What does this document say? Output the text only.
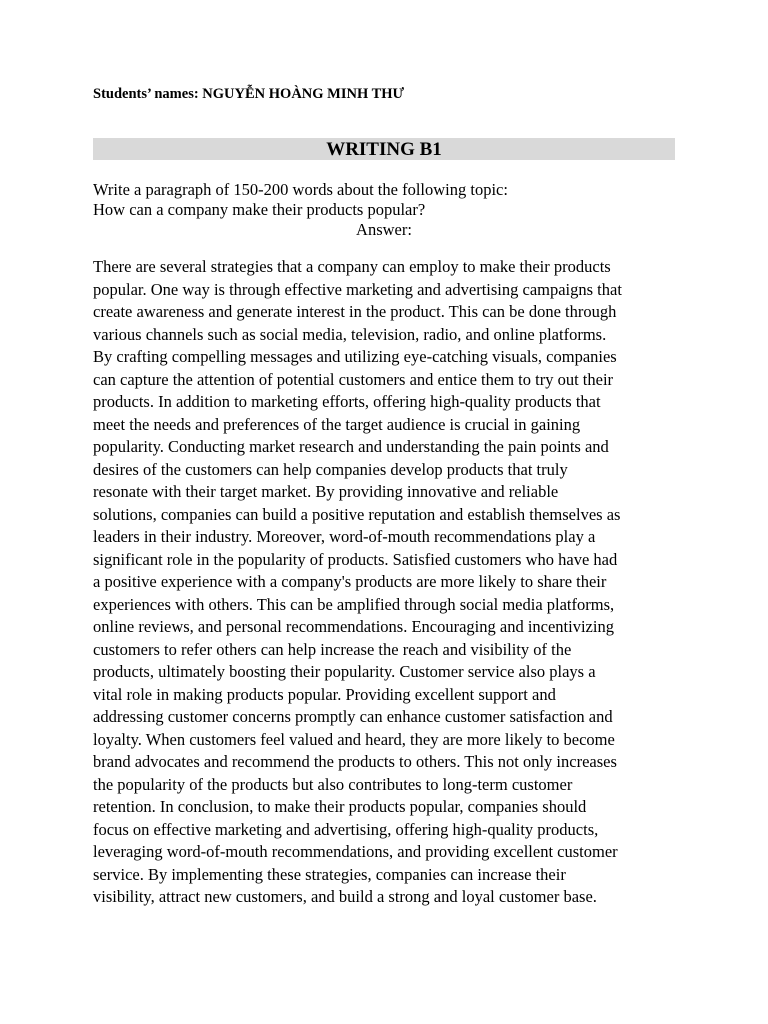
Students’ names: NGUYỄN HOÀNG MINH THƯ
WRITING B1
Write a paragraph of 150-200 words about the following topic:
How can a company make their products popular?
Answer:
There are several strategies that a company can employ to make their products
popular. One way is through effective marketing and advertising campaigns that
create awareness and generate interest in the product. This can be done through
various channels such as social media, television, radio, and online platforms.
By crafting compelling messages and utilizing eye-catching visuals, companies
can capture the attention of potential customers and entice them to try out their
products. In addition to marketing efforts, offering high-quality products that
meet the needs and preferences of the target audience is crucial in gaining
popularity. Conducting market research and understanding the pain points and
desires of the customers can help companies develop products that truly
resonate with their target market. By providing innovative and reliable
solutions, companies can build a positive reputation and establish themselves as
leaders in their industry. Moreover, word-of-mouth recommendations play a
significant role in the popularity of products. Satisfied customers who have had
a positive experience with a company's products are more likely to share their
experiences with others. This can be amplified through social media platforms,
online reviews, and personal recommendations. Encouraging and incentivizing
customers to refer others can help increase the reach and visibility of the
products, ultimately boosting their popularity. Customer service also plays a
vital role in making products popular. Providing excellent support and
addressing customer concerns promptly can enhance customer satisfaction and
loyalty. When customers feel valued and heard, they are more likely to become
brand advocates and recommend the products to others. This not only increases
the popularity of the products but also contributes to long-term customer
retention. In conclusion, to make their products popular, companies should
focus on effective marketing and advertising, offering high-quality products,
leveraging word-of-mouth recommendations, and providing excellent customer
service. By implementing these strategies, companies can increase their
visibility, attract new customers, and build a strong and loyal customer base.
